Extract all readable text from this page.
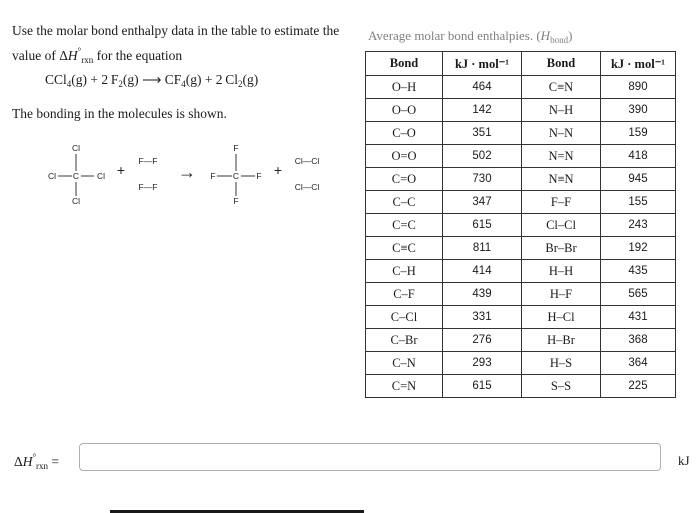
Use the molar bond enthalpy data in the table to estimate the
value of $\Delta H^\circ_{rxn}$ for the equation
CCl$_4$(g) + 2 $F_2(g)$ ⟶ $CF_4(g) + 2$ $Cl_2(g)$
The bonding in the molecules is shown.
Cl
Cl C Cl
Cl
+
F—F
F—F
→
F
F C F
F
+
Cl—Cl
Cl—Cl
Average molar bond enthalpies. $(H_{bond})$
Bond	kJ · mol⁻¹	Bond	kJ · mol⁻¹
O–H	464	C≡N	890
O–O	142	N–H	390
C–O	351	N–N	159
O=O	502	N=N	418
C=O	730	N≡N	945
C–C	347	F–F	155
C=C	615	Cl–Cl	243
C≡C	811	Br–Br	192
C–H	414	H–H	435
C–F	439	H–F	565
C–Cl	331	H–Cl	431
C–Br	276	H–Br	368
C–N	293	H–S	364
C=N	615	S–S	225
$\Delta H^\circ_{rxn}$ =	kJ
